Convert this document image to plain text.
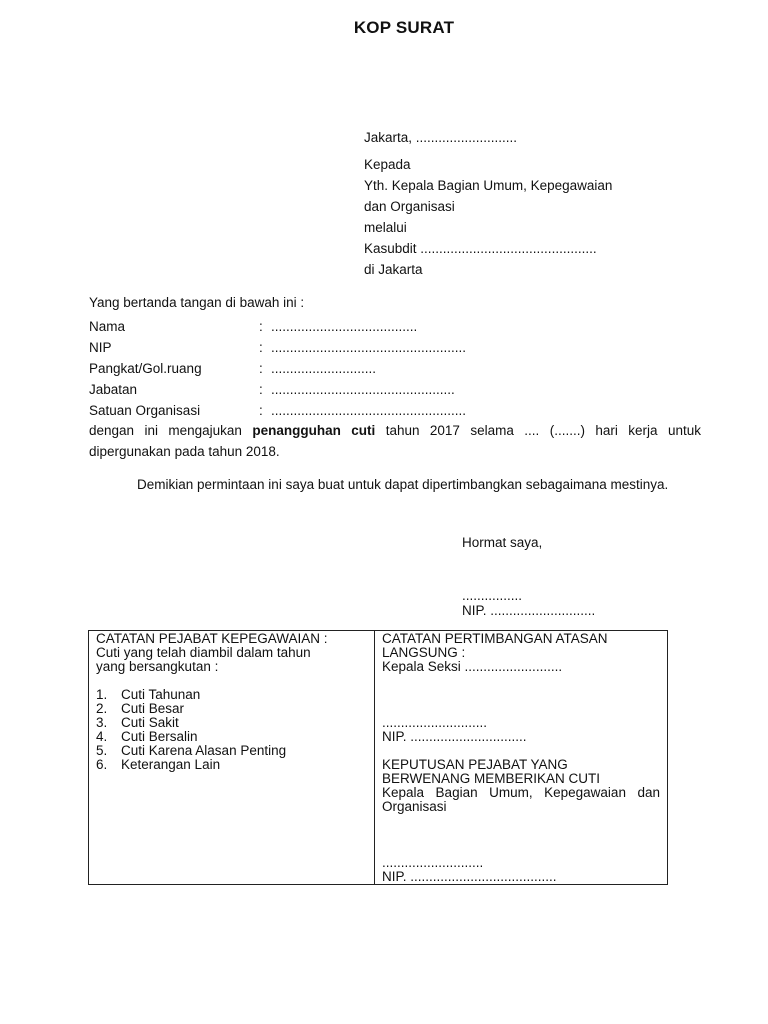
KOP SURAT
Jakarta, ...........................
Kepada
Yth. Kepala Bagian Umum, Kepegawaian
dan Organisasi
melalui
Kasubdit ...............................................
di Jakarta
Yang bertanda tangan di bawah ini :
Nama	: .......................................
NIP	: ....................................................
Pangkat/Gol.ruang	: ............................
Jabatan	: .................................................
Satuan Organisasi	: ....................................................
dengan ini mengajukan penangguhan cuti tahun 2017 selama .... (.......) hari kerja untuk
dipergunakan pada tahun 2018.
Demikian permintaan ini saya buat untuk dapat dipertimbangkan sebagaimana mestinya.
Hormat saya,
................
NIP. ............................
CATATAN PEJABAT KEPEGAWAIAN :
Cuti yang telah diambil dalam tahun
yang bersangkutan :
1.	Cuti Tahunan
2.	Cuti Besar
3.	Cuti Sakit
4.	Cuti Bersalin
5.	Cuti Karena Alasan Penting
6.	Keterangan Lain
CATATAN PERTIMBANGAN ATASAN
LANGSUNG :
Kepala Seksi ..........................
............................
NIP. ...............................
KEPUTUSAN PEJABAT YANG
BERWENANG MEMBERIKAN CUTI
Kepala Bagian Umum, Kepegawaian dan
Organisasi
...........................
NIP. .......................................
